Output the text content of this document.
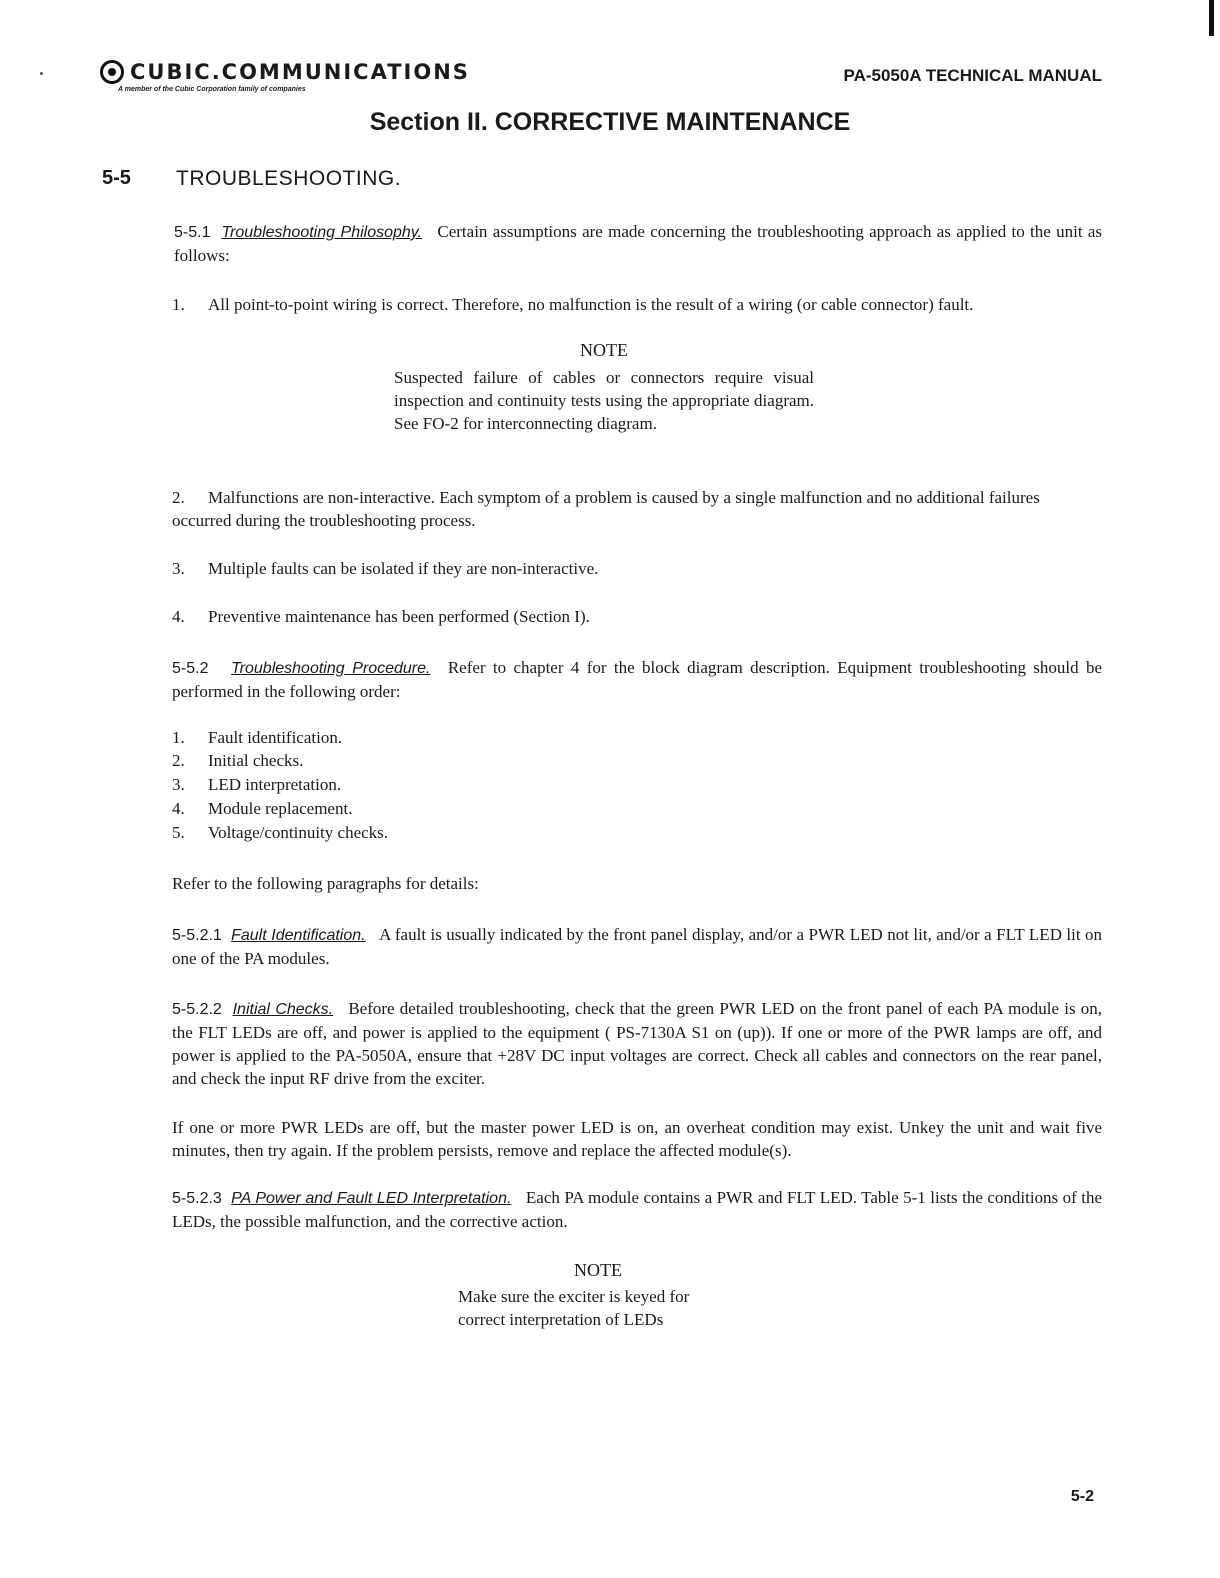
CUBIC.COMMUNICATIONS
A member of the Cubic Corporation family of companies
PA-5050A TECHNICAL MANUAL
Section II. CORRECTIVE MAINTENANCE
5-5 TROUBLESHOOTING.
5-5.1 Troubleshooting Philosophy. Certain assumptions are made concerning the troubleshooting approach as applied to the unit as follows:
1. All point-to-point wiring is correct. Therefore, no malfunction is the result of a wiring (or cable connector) fault.
NOTE
Suspected failure of cables or connectors require visual inspection and continuity tests using the appropriate diagram. See FO-2 for interconnecting diagram.
2. Malfunctions are non-interactive. Each symptom of a problem is caused by a single malfunction and no additional failures occurred during the troubleshooting process.
3. Multiple faults can be isolated if they are non-interactive.
4. Preventive maintenance has been performed (Section I).
5-5.2 Troubleshooting Procedure. Refer to chapter 4 for the block diagram description. Equipment troubleshooting should be performed in the following order:
1. Fault identification.
2. Initial checks.
3. LED interpretation.
4. Module replacement.
5. Voltage/continuity checks.
Refer to the following paragraphs for details:
5-5.2.1 Fault Identification. A fault is usually indicated by the front panel display, and/or a PWR LED not lit, and/or a FLT LED lit on one of the PA modules.
5-5.2.2 Initial Checks. Before detailed troubleshooting, check that the green PWR LED on the front panel of each PA module is on, the FLT LEDs are off, and power is applied to the equipment ( PS-7130A S1 on (up)). If one or more of the PWR lamps are off, and power is applied to the PA-5050A, ensure that +28V DC input voltages are correct. Check all cables and connectors on the rear panel, and check the input RF drive from the exciter.
If one or more PWR LEDs are off, but the master power LED is on, an overheat condition may exist. Unkey the unit and wait five minutes, then try again. If the problem persists, remove and replace the affected module(s).
5-5.2.3 PA Power and Fault LED Interpretation. Each PA module contains a PWR and FLT LED. Table 5-1 lists the conditions of the LEDs, the possible malfunction, and the corrective action.
NOTE
Make sure the exciter is keyed for correct interpretation of LEDs
5-2
